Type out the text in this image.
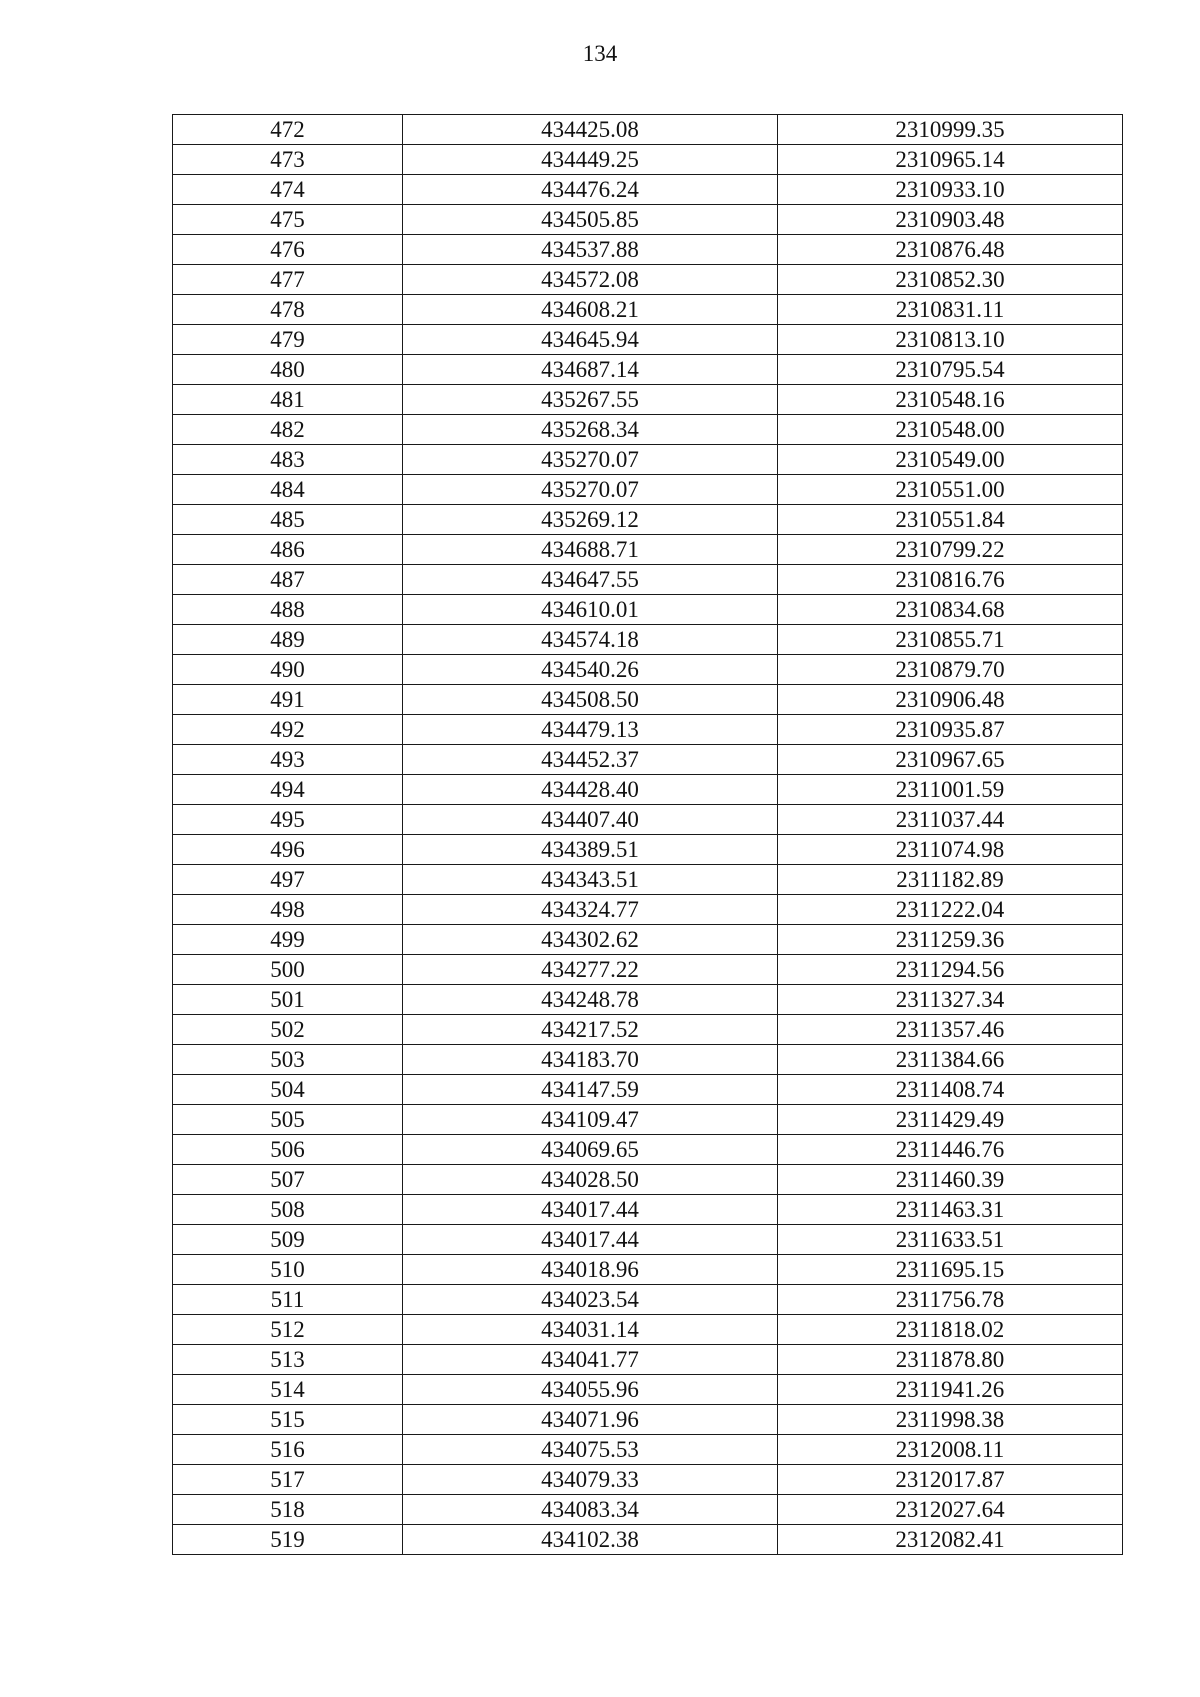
134
472	434425.08	2310999.35
473	434449.25	2310965.14
474	434476.24	2310933.10
475	434505.85	2310903.48
476	434537.88	2310876.48
477	434572.08	2310852.30
478	434608.21	2310831.11
479	434645.94	2310813.10
480	434687.14	2310795.54
481	435267.55	2310548.16
482	435268.34	2310548.00
483	435270.07	2310549.00
484	435270.07	2310551.00
485	435269.12	2310551.84
486	434688.71	2310799.22
487	434647.55	2310816.76
488	434610.01	2310834.68
489	434574.18	2310855.71
490	434540.26	2310879.70
491	434508.50	2310906.48
492	434479.13	2310935.87
493	434452.37	2310967.65
494	434428.40	2311001.59
495	434407.40	2311037.44
496	434389.51	2311074.98
497	434343.51	2311182.89
498	434324.77	2311222.04
499	434302.62	2311259.36
500	434277.22	2311294.56
501	434248.78	2311327.34
502	434217.52	2311357.46
503	434183.70	2311384.66
504	434147.59	2311408.74
505	434109.47	2311429.49
506	434069.65	2311446.76
507	434028.50	2311460.39
508	434017.44	2311463.31
509	434017.44	2311633.51
510	434018.96	2311695.15
511	434023.54	2311756.78
512	434031.14	2311818.02
513	434041.77	2311878.80
514	434055.96	2311941.26
515	434071.96	2311998.38
516	434075.53	2312008.11
517	434079.33	2312017.87
518	434083.34	2312027.64
519	434102.38	2312082.41
